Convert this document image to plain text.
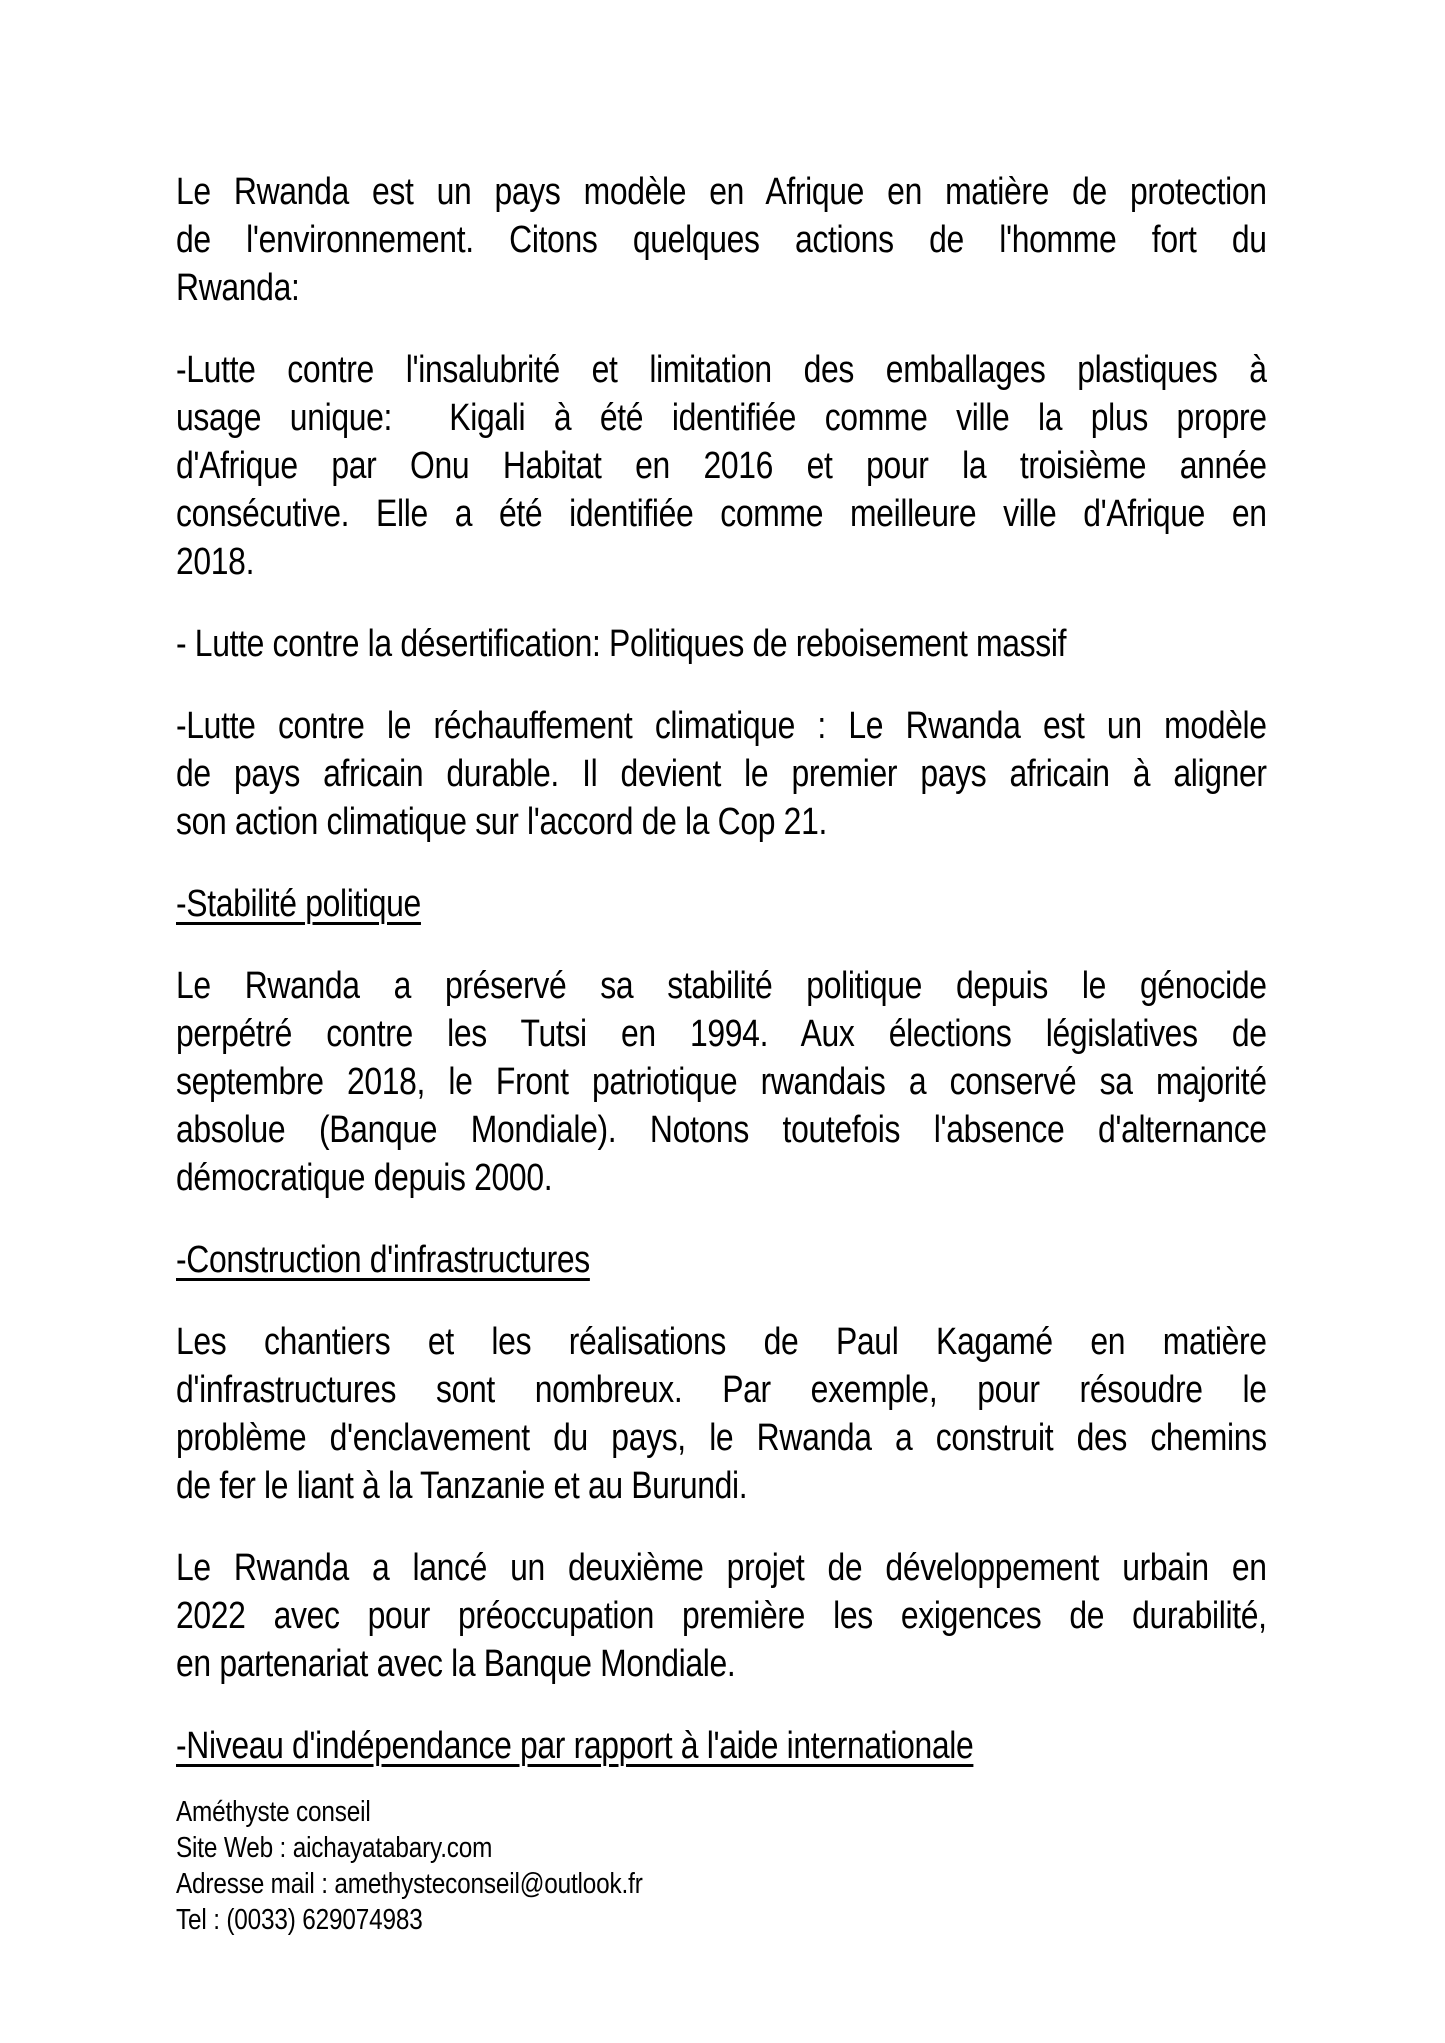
Le Rwanda est un pays modèle en Afrique en matière de protection
de l'environnement. Citons quelques actions de l'homme fort du
Rwanda:
-Lutte contre l'insalubrité et limitation des emballages plastiques à
usage unique:  Kigali à été identifiée comme ville la plus propre
d'Afrique par Onu Habitat en 2016 et pour la troisième année
consécutive. Elle a été identifiée comme meilleure ville d'Afrique en
2018.
- Lutte contre la désertification: Politiques de reboisement massif
-Lutte contre le réchauffement climatique : Le Rwanda est un modèle
de pays africain durable. Il devient le premier pays africain à aligner
son action climatique sur l'accord de la Cop 21.
-Stabilité politique
Le Rwanda a préservé sa stabilité politique depuis le génocide
perpétré contre les Tutsi en 1994. Aux élections législatives de
septembre 2018, le Front patriotique rwandais a conservé sa majorité
absolue (Banque Mondiale). Notons toutefois l'absence d'alternance
démocratique depuis 2000.
-Construction d'infrastructures
Les chantiers et les réalisations de Paul Kagamé en matière
d'infrastructures sont nombreux. Par exemple, pour résoudre le
problème d'enclavement du pays, le Rwanda a construit des chemins
de fer le liant à la Tanzanie et au Burundi.
Le Rwanda a lancé un deuxième projet de développement urbain en
2022 avec pour préoccupation première les exigences de durabilité,
en partenariat avec la Banque Mondiale.
-Niveau d'indépendance par rapport à l'aide internationale
Améthyste conseil
Site Web : aichayatabary.com
Adresse mail : amethysteconseil@outlook.fr
Tel : (0033) 629074983
